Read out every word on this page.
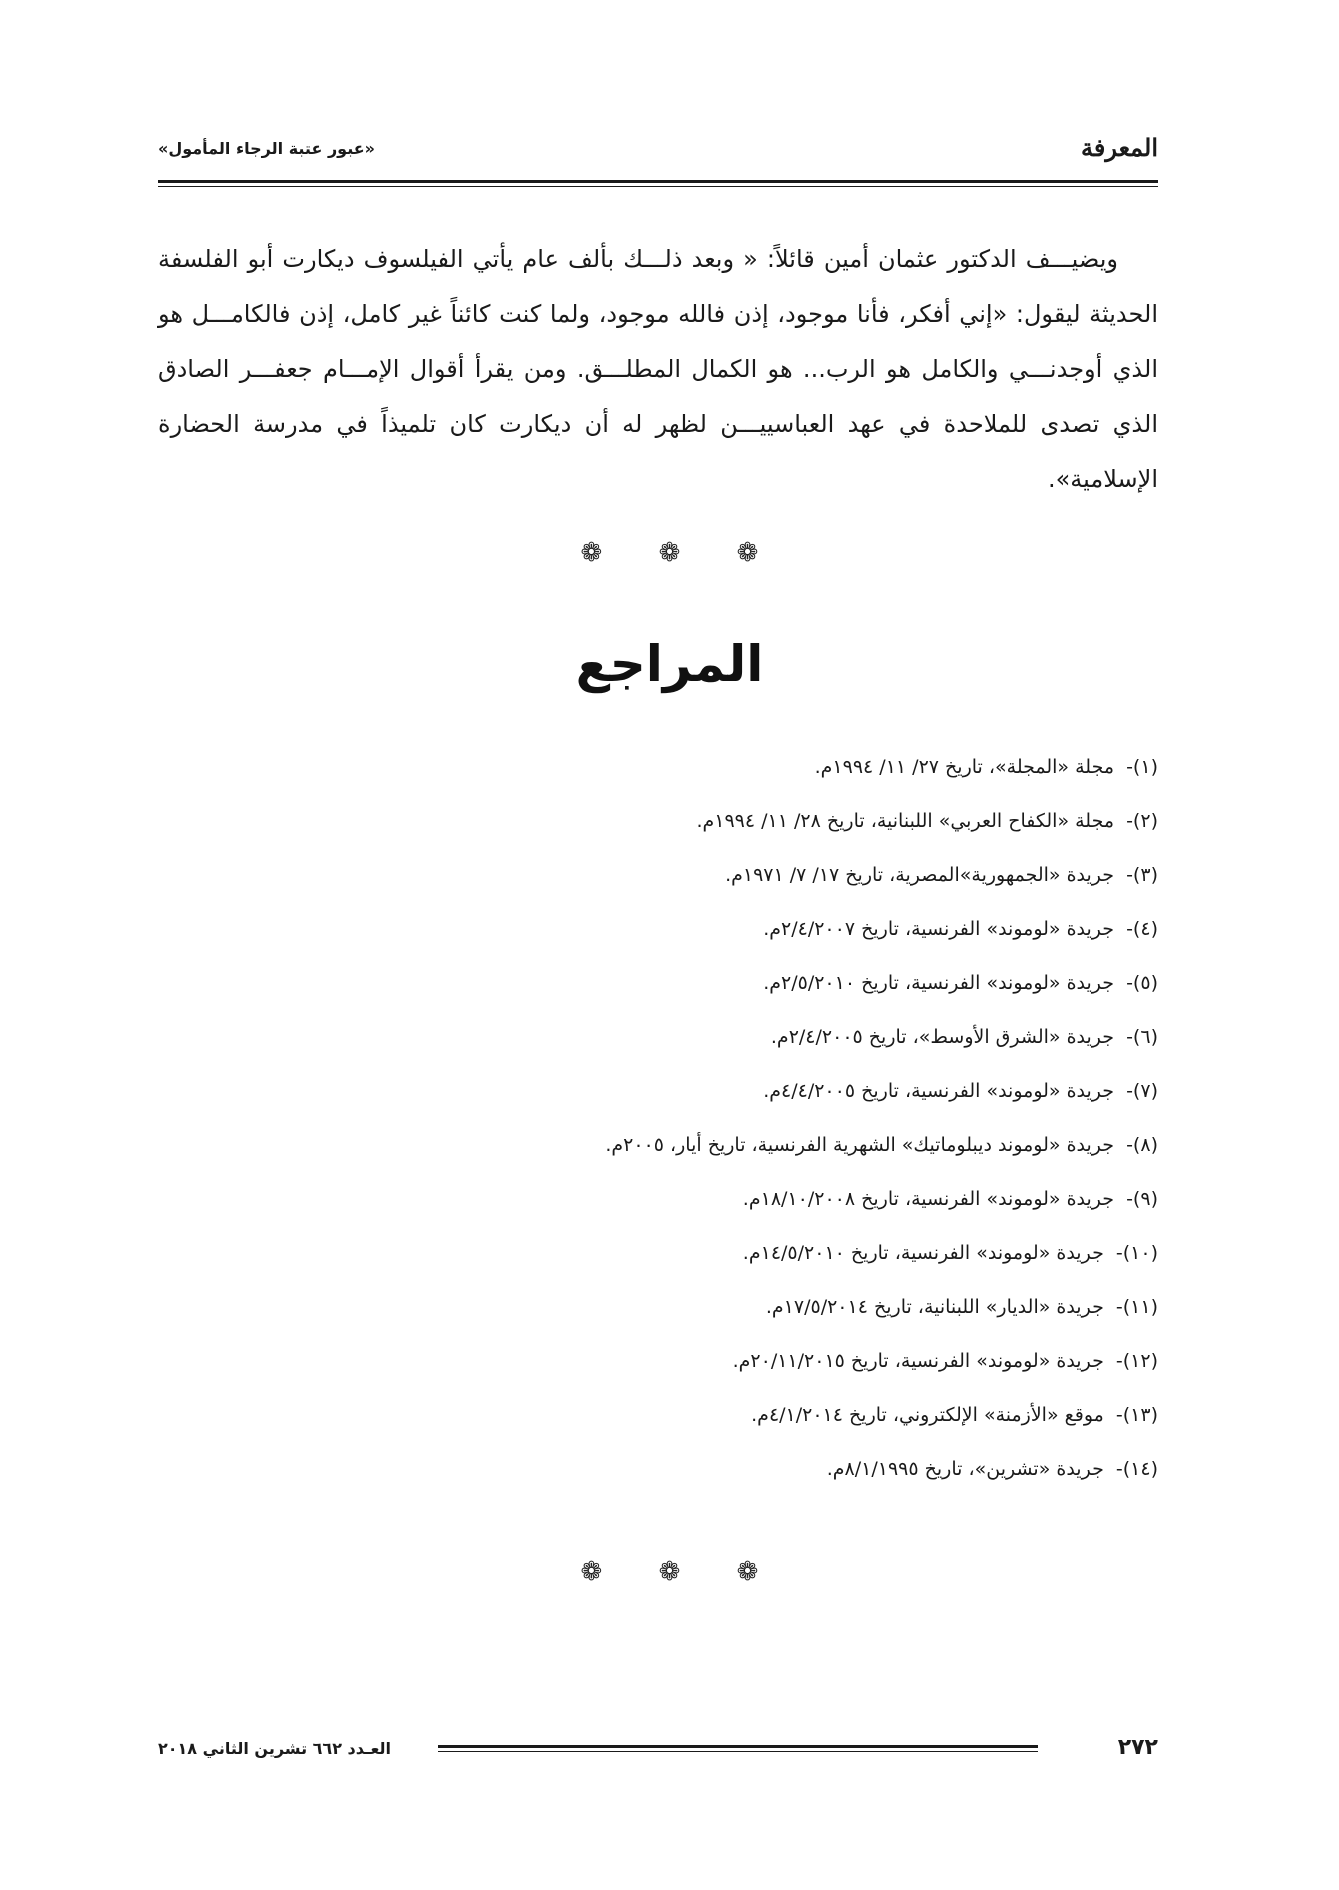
المعرفة
«عبور عتبة الرجاء المأمول»

ويضيـــف الدكتور عثمان أمين قائلاً: « وبعد ذلـــك بألف عام يأتي الفيلسوف ديكارت أبو الفلسفة الحديثة ليقول: «إني أفكر، فأنا موجود، إذن فالله موجود، ولما كنت كائناً غير كامل، إذن فالكامـــل هو الذي أوجدنـــي والكامل هو الرب... هو الكمال المطلـــق. ومن يقرأ أقوال الإمـــام جعفـــر الصادق الذي تصدى للملاحدة في عهد العباسييـــن لظهر له أن ديكارت كان تلميذاً في مدرسة الحضارة الإسلامية».

❁ ❁ ❁
المراجع
(١)- مجلة «المجلة»، تاريخ ٢٧/ ١١/ ١٩٩٤م.
(٢)- مجلة «الكفاح العربي» اللبنانية، تاريخ ٢٨/ ١١/ ١٩٩٤م.
(٣)- جريدة «الجمهورية»المصرية، تاريخ ١٧/ ٧/ ١٩٧١م.
(٤)- جريدة «لوموند» الفرنسية، تاريخ ٢/٤/٢٠٠٧م.
(٥)- جريدة «لوموند» الفرنسية، تاريخ ٢/٥/٢٠١٠م.
(٦)- جريدة «الشرق الأوسط»، تاريخ ٢/٤/٢٠٠٥م.
(٧)- جريدة «لوموند» الفرنسية، تاريخ ٤/٤/٢٠٠٥م.
(٨)- جريدة «لوموند ديبلوماتيك» الشهرية الفرنسية، تاريخ أيار، ٢٠٠٥م.
(٩)- جريدة «لوموند» الفرنسية، تاريخ ١٨/١٠/٢٠٠٨م.
(١٠)- جريدة «لوموند» الفرنسية، تاريخ ١٤/٥/٢٠١٠م.
(١١)- جريدة «الديار» اللبنانية، تاريخ ١٧/٥/٢٠١٤م.
(١٢)- جريدة «لوموند» الفرنسية، تاريخ ٢٠/١١/٢٠١٥م.
(١٣)- موقع «الأزمنة» الإلكتروني، تاريخ ٤/١/٢٠١٤م.
(١٤)- جريدة «تشرين»، تاريخ ٨/١/١٩٩٥م.
❁ ❁ ❁
٢٧٢
العـدد ٦٦٢ تشرين الثاني ٢٠١٨
